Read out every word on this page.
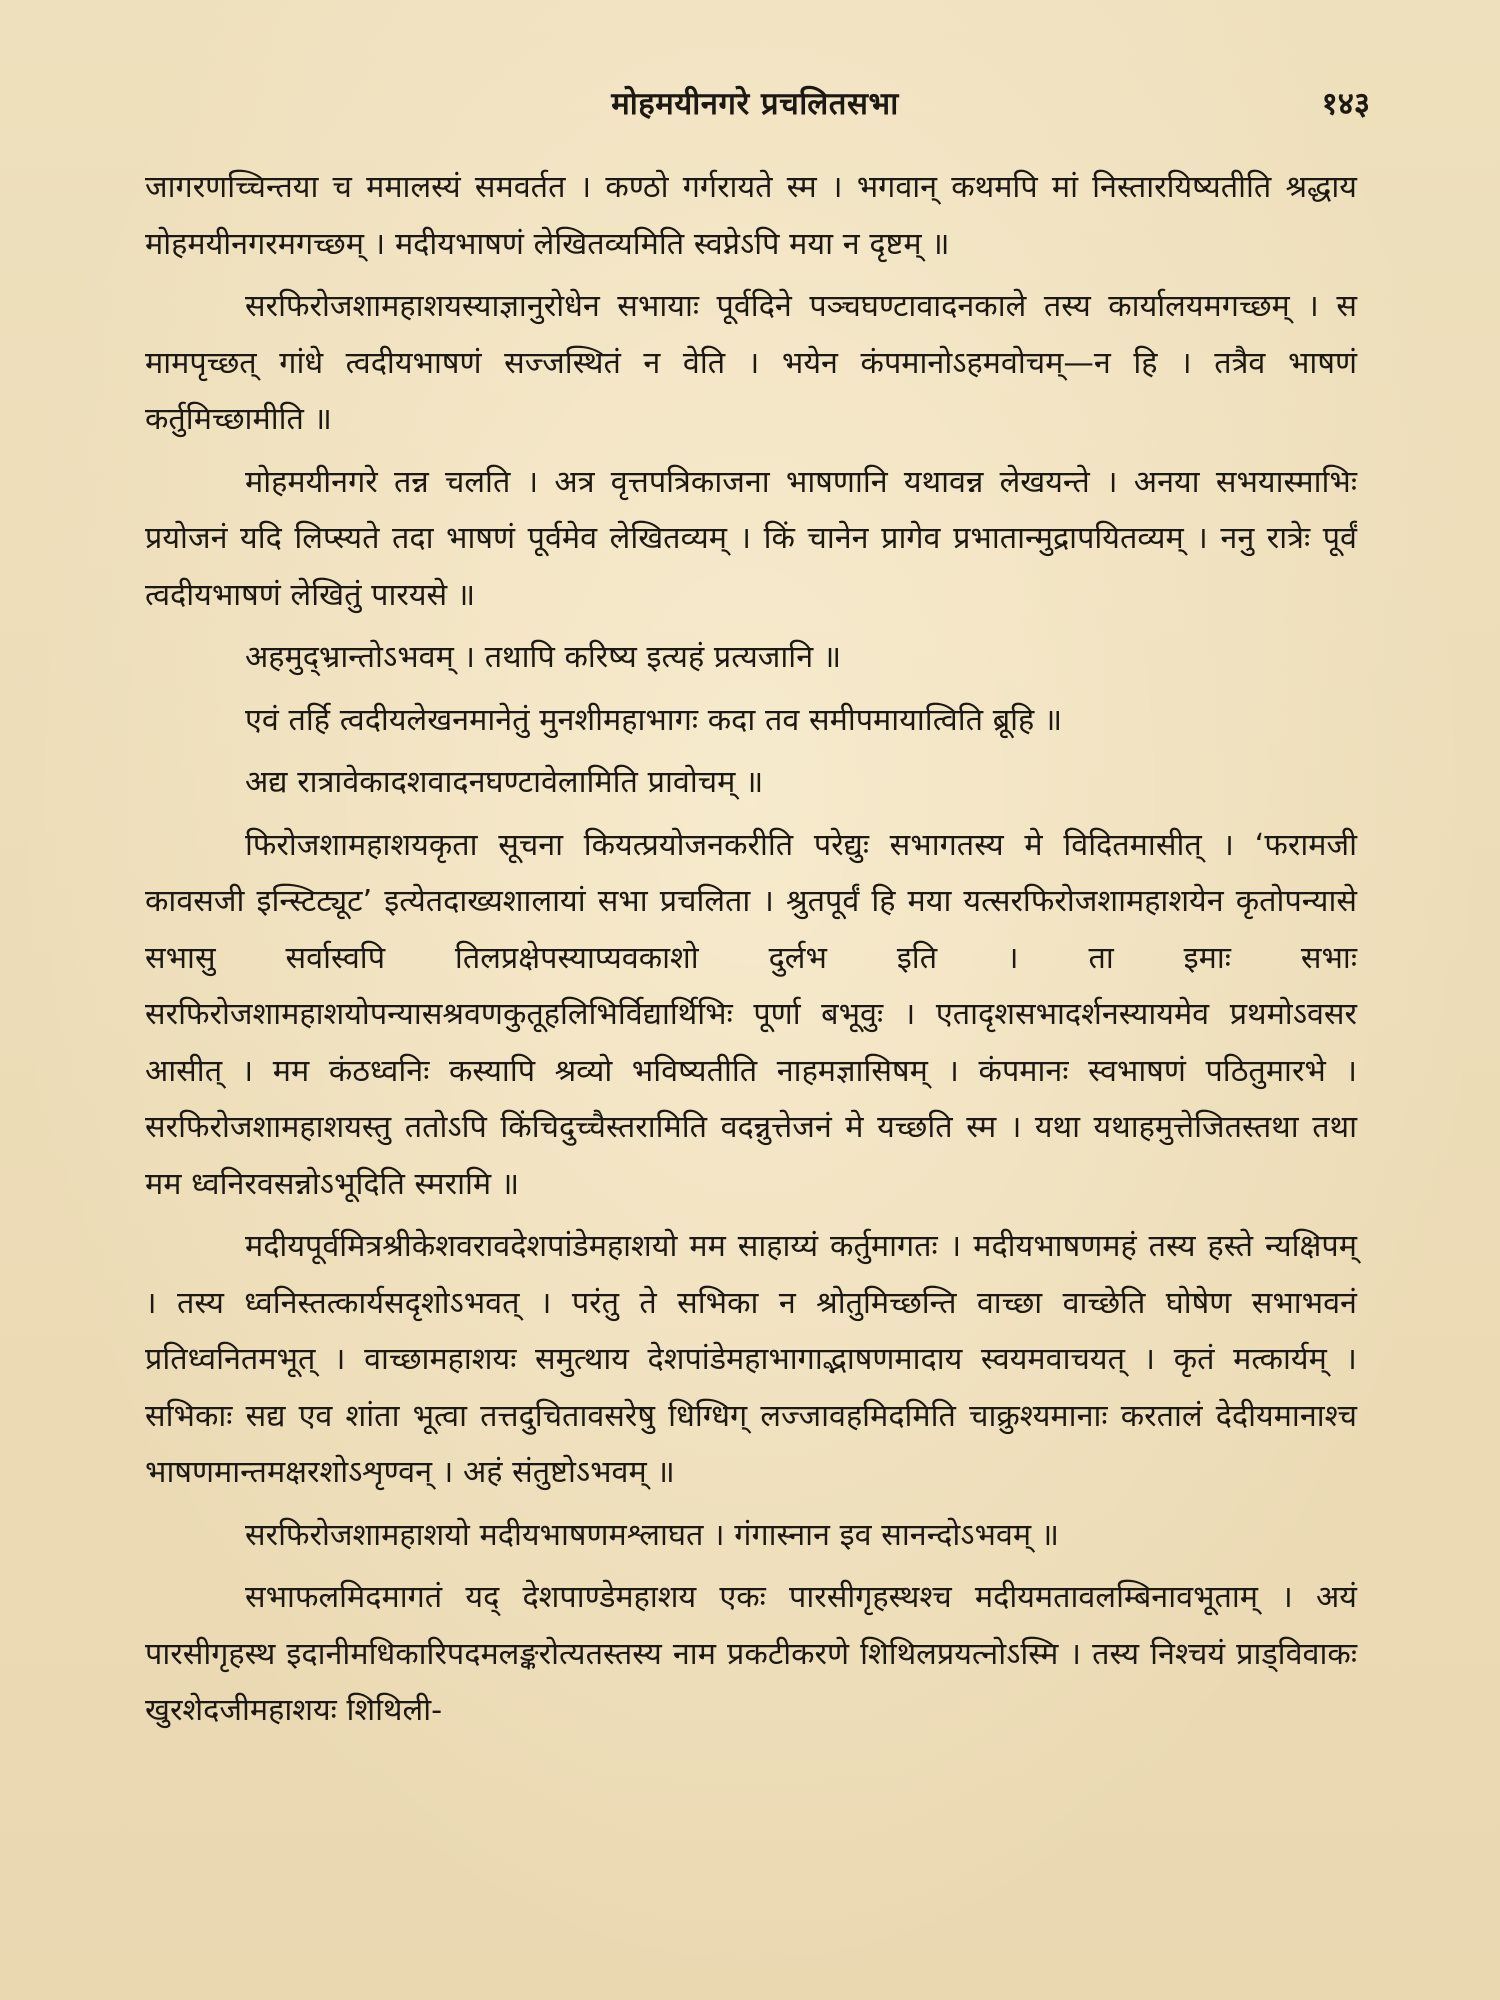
मोहमयीनगरे प्रचलितसभा	१४३

जागरणच्चिन्तया च ममालस्यं समवर्तत । कण्ठो गर्गरायते स्म । भगवान् कथमपि मां निस्तारयिष्यतीति श्रद्धाय मोहमयीनगरमगच्छम् । मदीयभाषणं लेखितव्यमिति स्वप्नेऽपि मया न दृष्टम् ॥

सरफिरोजशामहाशयस्याज्ञानुरोधेन सभायाः पूर्वदिने पञ्चघण्टावादनकाले तस्य कार्यालयमगच्छम् । स मामपृच्छत् गांधे त्वदीयभाषणं सज्जस्थितं न वेति । भयेन कंपमानोऽहमवोचम्—न हि । तत्रैव भाषणं कर्तुमिच्छामीति ॥

मोहमयीनगरे तन्न चलति । अत्र वृत्तपत्रिकाजना भाषणानि यथावन्न लेखयन्ते । अनया सभयास्माभिः प्रयोजनं यदि लिप्स्यते तदा भाषणं पूर्वमेव लेखितव्यम् । किं चानेन प्रागेव प्रभातान्मुद्रापयितव्यम् । ननु रात्रेः पूर्वं त्वदीयभाषणं लेखितुं पारयसे ॥

अहमुद्भ्रान्तोऽभवम् । तथापि करिष्य इत्यहं प्रत्यजानि ॥

एवं तर्हि त्वदीयलेखनमानेतुं मुनशीमहाभागः कदा तव समीपमायात्विति ब्रूहि ॥

अद्य रात्रावेकादशवादनघण्टावेलामिति प्रावोचम् ॥

फिरोजशामहाशयकृता सूचना कियत्प्रयोजनकरीति परेद्युः सभागतस्य मे विदितमासीत् । ‘फरामजी कावसजी इन्स्टिट्यूट’ इत्येतदाख्यशालायां सभा प्रचलिता । श्रुतपूर्वं हि मया यत्सरफिरोजशामहाशयेन कृतोपन्यासे सभासु सर्वास्वपि तिलप्रक्षेपस्याप्यवकाशो दुर्लभ इति । ता इमाः सभाः सरफिरोजशामहाशयोपन्यासश्रवणकुतूहलिभिर्विद्यार्थिभिः पूर्णा बभूवुः । एतादृशसभादर्शनस्यायमेव प्रथमोऽवसर आसीत् । मम कंठध्वनिः कस्यापि श्रव्यो भविष्यतीति नाहमज्ञासिषम् । कंपमानः स्वभाषणं पठितुमारभे । सरफिरोजशामहाशयस्तु ततोऽपि किंचिदुच्चैस्तरामिति वदन्नुत्तेजनं मे यच्छति स्म । यथा यथाहमुत्तेजितस्तथा तथा मम ध्वनिरवसन्नोऽभूदिति स्मरामि ॥

मदीयपूर्वमित्रश्रीकेशवरावदेशपांडेमहाशयो मम साहाय्यं कर्तुमागतः । मदीयभाषणमहं तस्य हस्ते न्यक्षिपम् । तस्य ध्वनिस्तत्कार्यसदृशोऽभवत् । परंतु ते सभिका न श्रोतुमिच्छन्ति वाच्छा वाच्छेति घोषेण सभाभवनं प्रतिध्वनितमभूत् । वाच्छामहाशयः समुत्थाय देशपांडेमहाभागाद्भाषणमादाय स्वयमवाचयत् । कृतं मत्कार्यम् । सभिकाः सद्य एव शांता भूत्वा तत्तदुचितावसरेषु धिग्धिग् लज्जावहमिदमिति चाक्रुश्यमानाः करतालं देदीयमानाश्च भाषणमान्तमक्षरशोऽशृण्वन् । अहं संतुष्टोऽभवम् ॥

सरफिरोजशामहाशयो मदीयभाषणमश्लाघत । गंगास्नान इव सानन्दोऽभवम् ॥

सभाफलमिदमागतं यद् देशपाण्डेमहाशय एकः पारसीगृहस्थश्च मदीयमतावलम्बिनावभूताम् । अयं पारसीगृहस्थ इदानीमधिकारिपदमलङ्करोत्यतस्तस्य नाम प्रकटीकरणे शिथिलप्रयत्नोऽस्मि । तस्य निश्चयं प्राड्विवाकः खुरशेदजीमहाशयः शिथिली-
